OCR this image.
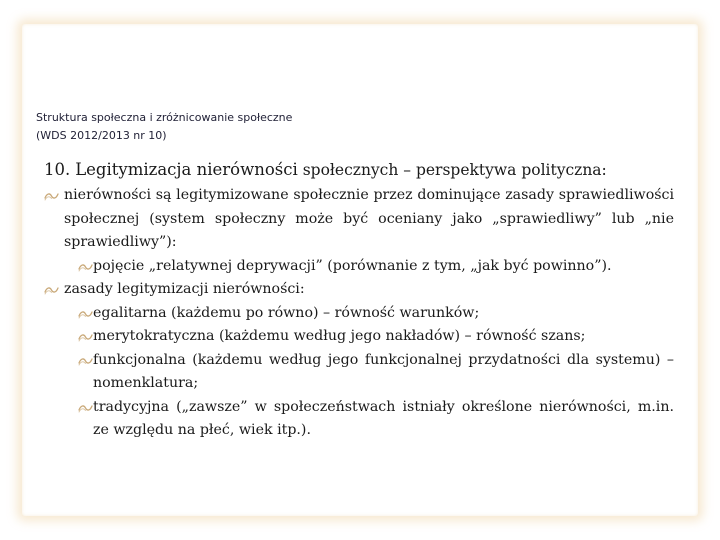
Struktura społeczna i zróżnicowanie społeczne
(WDS 2012/2013 nr 10)
10. Legitymizacja nierówności społecznych – perspektywa polityczna:
nierówności są legitymizowane społecznie przez dominujące zasady sprawiedliwości społecznej (system społeczny może być oceniany jako „sprawiedliwy” lub „nie sprawiedliwy”):
pojęcie „relatywnej deprywacji” (porównanie z tym, „jak być powinno”).
zasady legitymizacji nierówności:
egalitarna (każdemu po równo) – równość warunków;
merytokratyczna (każdemu według jego nakładów) – równość szans;
funkcjonalna (każdemu według jego funkcjonalnej przydatności dla systemu) – nomenklatura;
tradycyjna („zawsze” w społeczeństwach istniały określone nierówności, m.in. ze względu na płeć, wiek itp.).
